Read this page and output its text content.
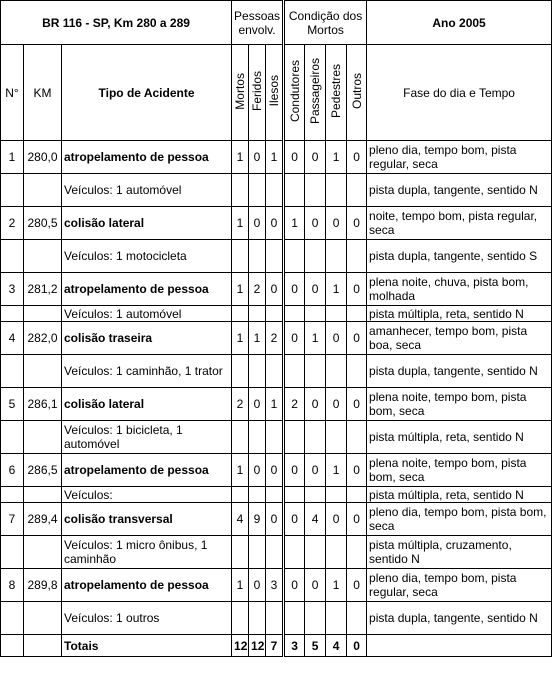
BR 116 - SP, Km 280 a 289			Pessoas envolv.			Condição dos Mortos				Ano 2005
N°	KM	Tipo de Acidente	Mortos	Feridos	Ilesos	Condutores	Passageiros	Pedestres	Outros	Fase do dia e Tempo
1	280,0	atropelamento de pessoa	1	0	1	0	0	1	0	pleno dia, tempo bom, pista regular, seca
		Veículos: 1 automóvel								pista dupla, tangente, sentido N
2	280,5	colisão lateral	1	0	0	1	0	0	0	noite, tempo bom, pista regular, seca
		Veículos: 1 motocicleta								pista dupla, tangente, sentido S
3	281,2	atropelamento de pessoa	1	2	0	0	0	1	0	plena noite, chuva, pista bom, molhada
		Veículos: 1 automóvel								pista múltipla, reta, sentido N
4	282,0	colisão traseira	1	1	2	0	1	0	0	amanhecer, tempo bom, pista boa, seca
		Veículos: 1 caminhão, 1 trator								pista dupla, tangente, sentido N
5	286,1	colisão lateral	2	0	1	2	0	0	0	plena noite, tempo bom, pista bom, seca
		Veículos: 1 bicicleta, 1 automóvel								pista múltipla, reta, sentido N
6	286,5	atropelamento de pessoa	1	0	0	0	0	1	0	plena noite, tempo bom, pista bom, seca
		Veículos:								pista múltipla, reta, sentido N
7	289,4	colisão transversal	4	9	0	0	4	0	0	pleno dia, tempo bom, pista bom, seca
		Veículos: 1 micro ônibus, 1 caminhão								pista múltipla, cruzamento, sentido N
8	289,8	atropelamento de pessoa	1	0	3	0	0	1	0	pleno dia, tempo bom, pista regular, seca
		Veículos: 1 outros								pista dupla, tangente, sentido N
		Totais	12	12	7	3	5	4	0	
